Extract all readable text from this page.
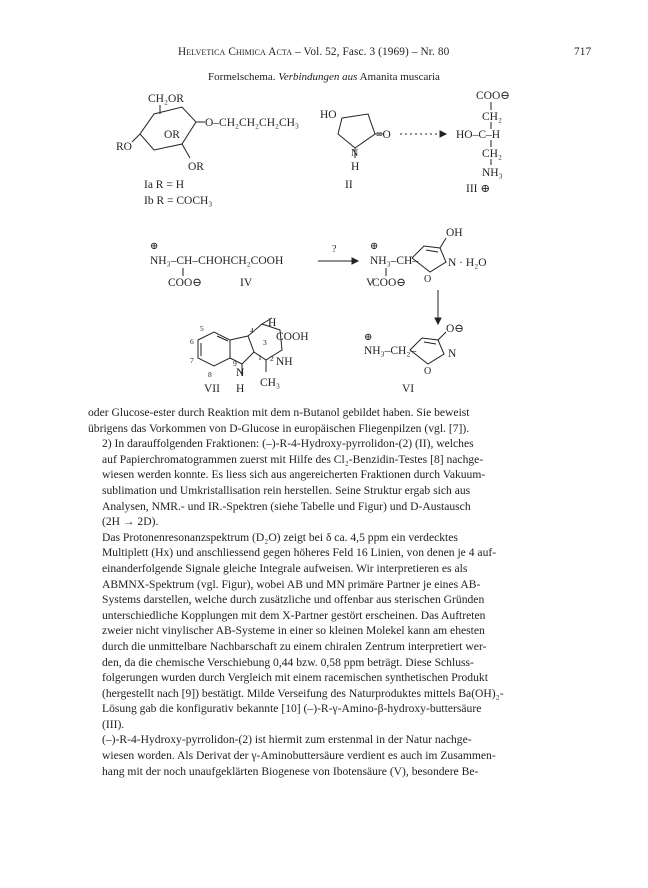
Helvetica Chimica Acta – Vol. 52, Fasc. 3 (1969) – Nr. 80	717
Formelschema. Verbindungen aus Amanita muscaria
CH₂OR
O–CH₂CH₂CH₂CH₃
OR
RO
OR
Ia R = H
Ib R = COCH₃
HO
=O
N
H
II
COO⊖
CH₂
HO–C–H
CH₂
NH₃
III ⊕
⊕
NH₃–CH–CHOHCH₂COOH
COO⊖	IV
?	⊕
NH₃–CH–
OH
N · H₂O
O
COO⊖
V
⊕
NH₃–CH₂–
O⊖
N
O
VI
H
COOH
NH
N
H CH₃
VII
5
6
7
8
9
4
3
1 2

oder Glucose-ester durch Reaktion mit dem n-Butanol gebildet haben. Sie beweist
übrigens das Vorkommen von D-Glucose in europäischen Fliegenpilzen (vgl. [7]).

2) In darauffolgenden Fraktionen: (–)-R-4-Hydroxy-pyrrolidon-(2) (II), welches
auf Papierchromatogrammen zuerst mit Hilfe des Cl₂-Benzidin-Testes [8] nachge-
wiesen werden konnte. Es liess sich aus angereicherten Fraktionen durch Vakuum-
sublimation und Umkristallisation rein herstellen. Seine Struktur ergab sich aus
Analysen, NMR.- und IR.-Spektren (siehe Tabelle und Figur) und D-Austausch
(2H → 2D).

Das Protonenresonanzspektrum (D₂O) zeigt bei δ ca. 4,5 ppm ein verdecktes
Multiplett (Hx) und anschliessend gegen höheres Feld 16 Linien, von denen je 4 auf-
einanderfolgende Signale gleiche Integrale aufweisen. Wir interpretieren es als
ABMNX-Spektrum (vgl. Figur), wobei AB und MN primäre Partner je eines AB-
Systems darstellen, welche durch zusätzliche und offenbar aus sterischen Gründen
unterschiedliche Kopplungen mit dem X-Partner gestört erscheinen. Das Auftreten
zweier nicht vinylischer AB-Systeme in einer so kleinen Molekel kann am ehesten
durch die unmittelbare Nachbarschaft zu einem chiralen Zentrum interpretiert wer-
den, da die chemische Verschiebung 0,44 bzw. 0,58 ppm beträgt. Diese Schluss-
folgerungen wurden durch Vergleich mit einem racemischen synthetischen Produkt
(hergestellt nach [9]) bestätigt. Milde Verseifung des Naturproduktes mittels Ba(OH)₂-
Lösung gab die konfigurativ bekannte [10] (–)-R-γ-Amino-β-hydroxy-buttersäure
(III).

(–)-R-4-Hydroxy-pyrrolidon-(2) ist hiermit zum erstenmal in der Natur nachge-
wiesen worden. Als Derivat der γ-Aminobuttersäure verdient es auch im Zusammen-
hang mit der noch unaufgeklärten Biogenese von Ibotensäure (V), besondere Be-
